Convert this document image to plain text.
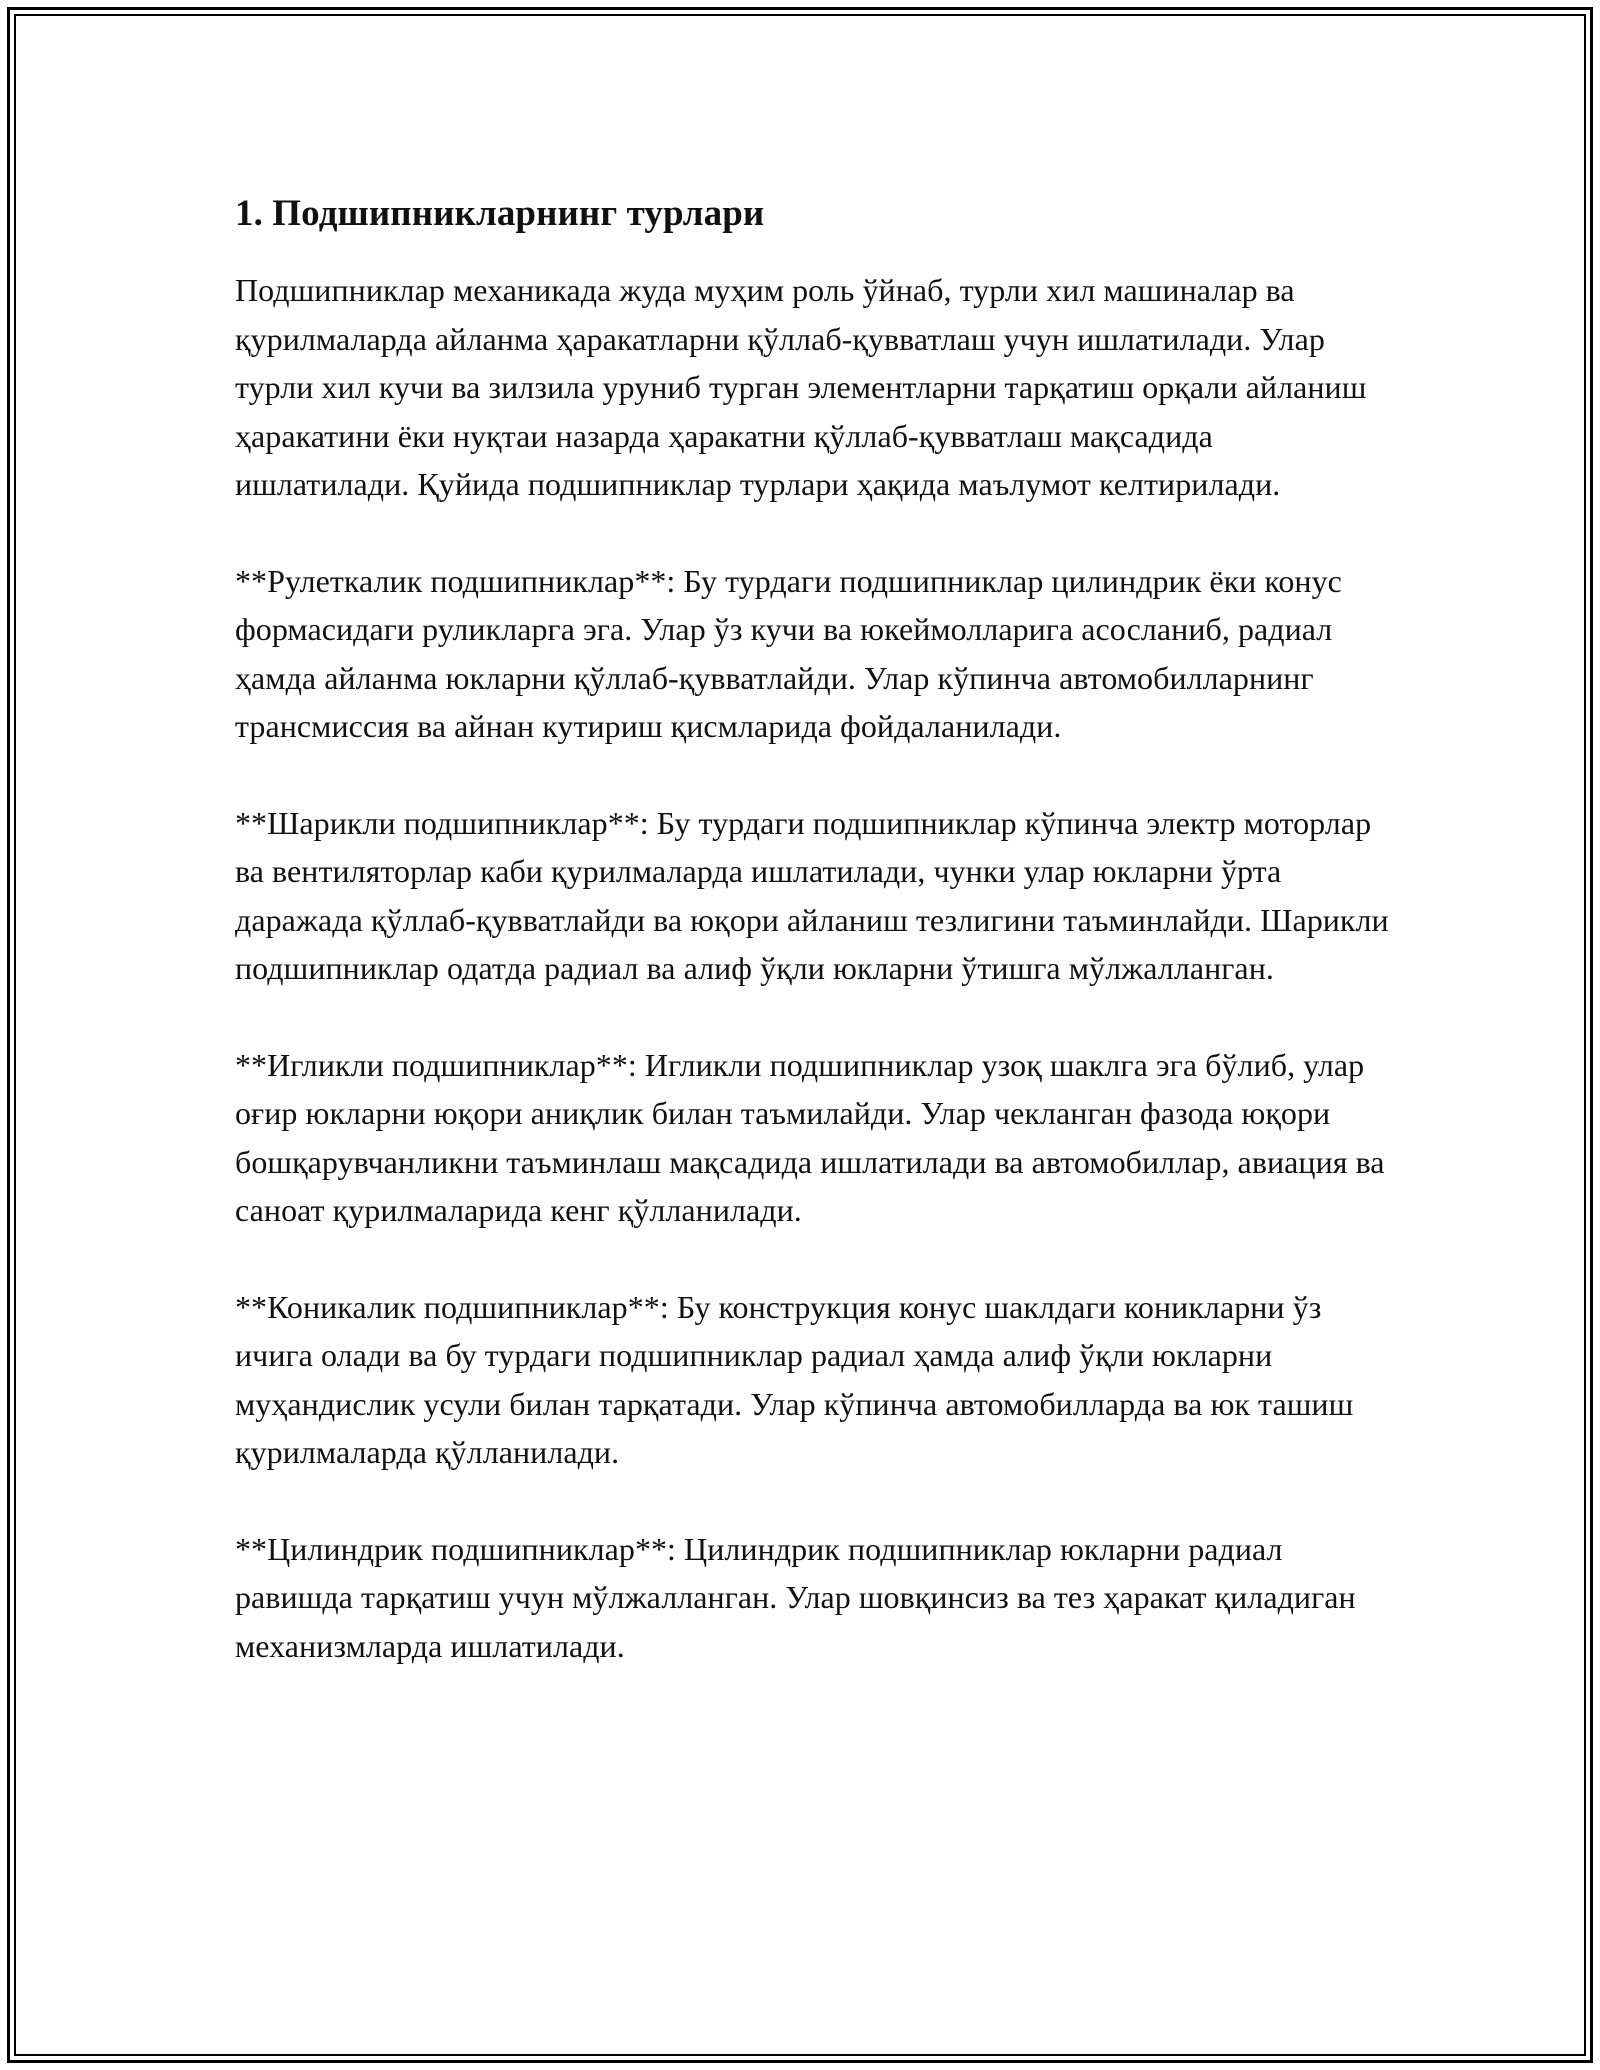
1. Подшипникларнинг турлари

Подшипниклар механикада жуда муҳим роль ўйнаб, турли хил машиналар ва қурилмаларда айланма ҳаракатларни қўллаб-қувватлаш учун ишлатилади. Улар турли хил кучи ва зилзила уруниб турган элементларни тарқатиш орқали айланиш ҳаракатини ёки нуқтаи назарда ҳаракатни қўллаб-қувватлаш мақсадида ишлатилади. Қуйида подшипниклар турлари ҳақида маълумот келтирилади.

**Рулеткалик подшипниклар**: Бу турдаги подшипниклар цилиндрик ёки конус формасидаги руликларга эга. Улар ўз кучи ва юкеймолларига асосланиб, радиал ҳамда айланма юкларни қўллаб-қувватлайди. Улар кўпинча автомобилларнинг трансмиссия ва айнан кутириш қисмларида фойдаланилади.

**Шарикли подшипниклар**: Бу турдаги подшипниклар кўпинча электр моторлар ва вентиляторлар каби қурилмаларда ишлатилади, чунки улар юкларни ўрта даражада қўллаб-қувватлайди ва юқори айланиш тезлигини таъминлайди. Шарикли подшипниклар одатда радиал ва алиф ўқли юкларни ўтишга мўлжалланган.

**Игликли подшипниклар**: Игликли подшипниклар узоқ шаклга эга бўлиб, улар оғир юкларни юқори аниқлик билан таъмилайди. Улар чекланган фазода юқори бошқарувчанликни таъминлаш мақсадида ишлатилади ва автомобиллар, авиация ва саноат қурилмаларида кенг қўлланилади.

**Коникалик подшипниклар**: Бу конструкция конус шаклдаги коникларни ўз ичига олади ва бу турдаги подшипниклар радиал ҳамда алиф ўқли юкларни муҳандислик усули билан тарқатади. Улар кўпинча автомобилларда ва юк ташиш қурилмаларда қўлланилади.

**Цилиндрик подшипниклар**: Цилиндрик подшипниклар юкларни радиал равишда тарқатиш учун мўлжалланган. Улар шовқинсиз ва тез ҳаракат қиладиган механизмларда ишлатилади.
